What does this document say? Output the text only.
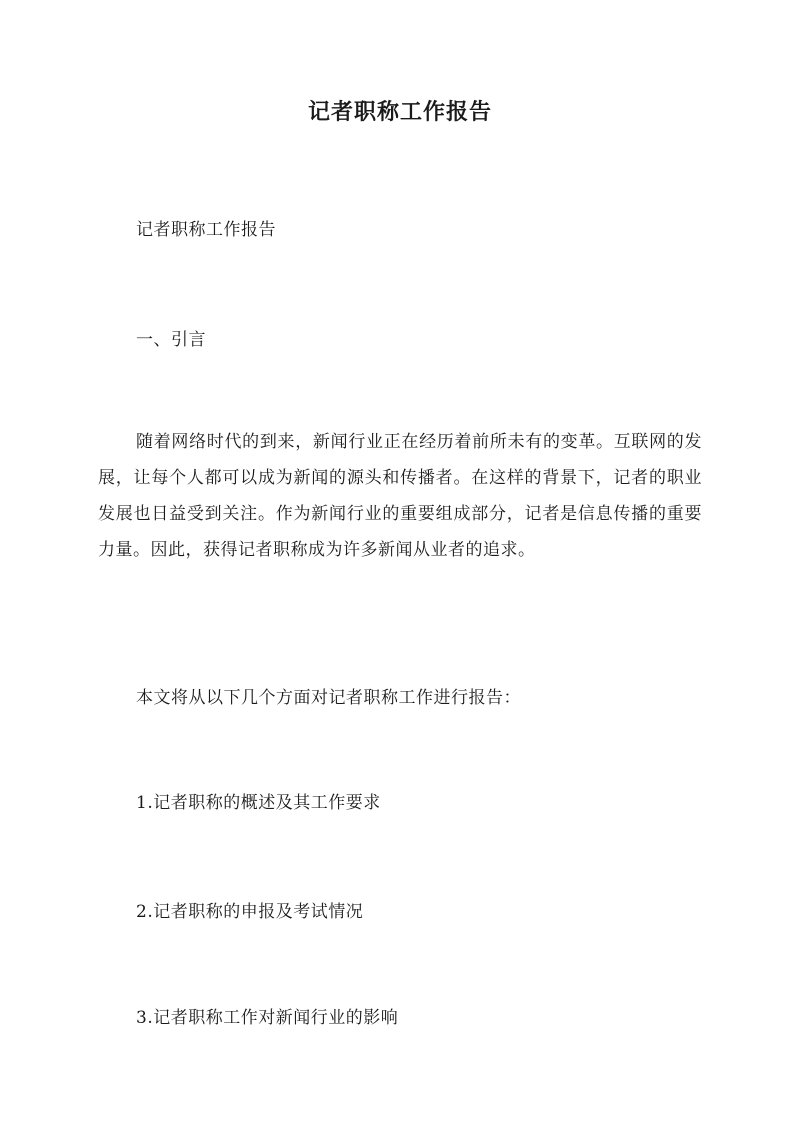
记者职称工作报告

记者职称工作报告

一、引言

随着网络时代的到来，新闻行业正在经历着前所未有的变革。互联网的发展，让每个人都可以成为新闻的源头和传播者。在这样的背景下，记者的职业发展也日益受到关注。作为新闻行业的重要组成部分，记者是信息传播的重要力量。因此，获得记者职称成为许多新闻从业者的追求。

本文将从以下几个方面对记者职称工作进行报告：

1.记者职称的概述及其工作要求

2.记者职称的申报及考试情况

3.记者职称工作对新闻行业的影响
